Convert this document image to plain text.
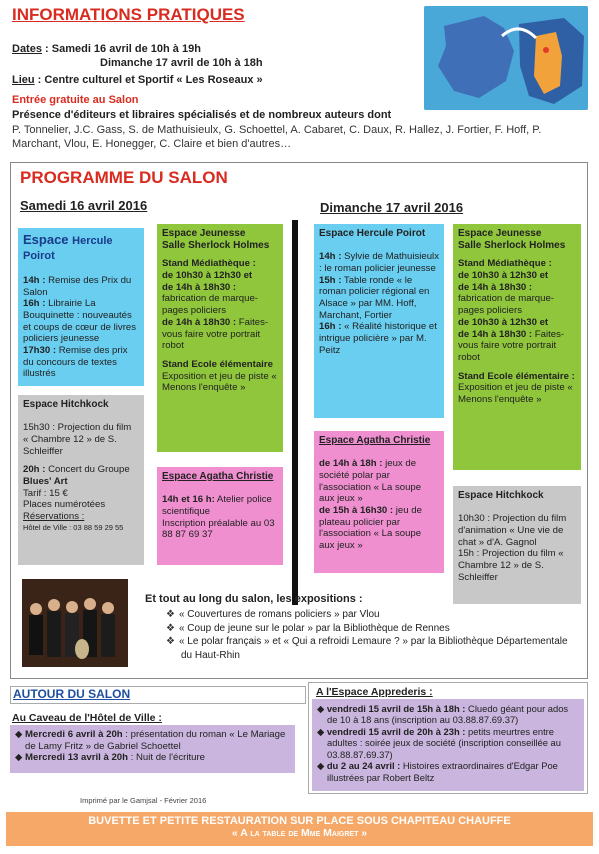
INFORMATIONS PRATIQUES
Dates : Samedi 16 avril de 10h à 19h
Dimanche 17 avril de 10h à 18h
Lieu : Centre culturel et Sportif « Les Roseaux »
Entrée gratuite au Salon
Présence d'éditeurs et libraires spécialisés et de nombreux auteurs dont
P. Tonnelier, J.C. Gass, S. de Mathuisieulx, G. Schoettel, A. Cabaret, C. Daux, R. Hallez, J. Fortier, F. Hoff, P. Marchant, Vlou, E. Honegger, C. Claire et bien d'autres…
PROGRAMME DU SALON
Samedi 16 avril 2016	Dimanche 17 avril 2016
Espace Hercule Poirot

14h : Remise des Prix du Salon

16h : Librairie La Bouquinette : nouveautés et coups de cœur de livres policiers jeunesse

17h30 : Remise des prix du concours de textes illustrés

Espace Hitchkock

15h30 : Projection du film « Chambre 12 » de S. Schleiffer

20h : Concert du Groupe

Blues' Art

Tarif : 15 €

Places numérotées

Réservations :

Hôtel de Ville : 03 88 59 29 55

Espace Jeunesse
Salle Sherlock Holmes

Stand Médiathèque :

de 10h30 à 12h30 et

de 14h à 18h30 :

fabrication de marque-pages policiers

de 14h à 18h30 : Faites-vous faire votre portrait robot

Stand Ecole élémentaire

Exposition et jeu de piste « Menons l'enquête »

Espace Agatha Christie

14h et 16 h: Atelier police scientifique

Inscription préalable au 03 88 87 69 37

Espace Hercule Poirot

14h : Sylvie de Mathuisieulx : le roman policier jeunesse

15h : Table ronde « le roman policier régional en Alsace » par MM. Hoff, Marchant, Fortier

16h : « Réalité historique et intrigue policière » par M. Peitz

Espace Agatha Christie

de 14h à 18h : jeux de société polar par l'association « La soupe aux jeux »

de 15h à 16h30 : jeu de plateau policier par l'association « La soupe aux jeux »

Espace Jeunesse
Salle Sherlock Holmes

Stand Médiathèque :

de 10h30 à 12h30 et

de 14h à 18h30 :

fabrication de marque-pages policiers

de 10h30 à 12h30 et

de 14h à 18h30 : Faites-vous faire votre portrait robot

Stand Ecole élémentaire :

Exposition et jeu de piste « Menons l'enquête »

Espace Hitchkock

10h30 : Projection du film d'animation « Une vie de chat » d'A. Gagnol

15h : Projection du film « Chambre 12 » de S. Schleiffer

Et tout au long du salon, les expositions :
❖ « Couvertures de romans policiers » par Vlou
❖ « Coup de jeune sur le polar » par la Bibliothèque de Rennes
❖ « Le polar français » et « Qui a refroidi Lemaure ? » par la Bibliothèque Départementale du Haut-Rhin
AUTOUR DU SALON
Au Caveau de l'Hôtel de Ville :

◆ Mercredi 6 avril à 20h : présentation du roman « Le Mariage de Lamy Fritz » de Gabriel Schoettel

◆ Mercredi 13 avril à 20h : Nuit de l'écriture

A l'Espace Apprederis :

◆ vendredi 15 avril de 15h à 18h : Cluedo géant pour ados de 10 à 18 ans (inscription au 03.88.87.69.37)

◆ vendredi 15 avril de 20h à 23h : petits meurtres entre adultes : soirée jeux de société (inscription conseillée au 03.88.87.69.37)

◆ du 2 au 24 avril : Histoires extraordinaires d'Edgar Poe illustrées par Robert Beltz

Imprimé par le Gamjsal - Février 2016
BUVETTE ET PETITE RESTAURATION SUR PLACE SOUS CHAPITEAU CHAUFFE
« A la table de Mme Maigret »
